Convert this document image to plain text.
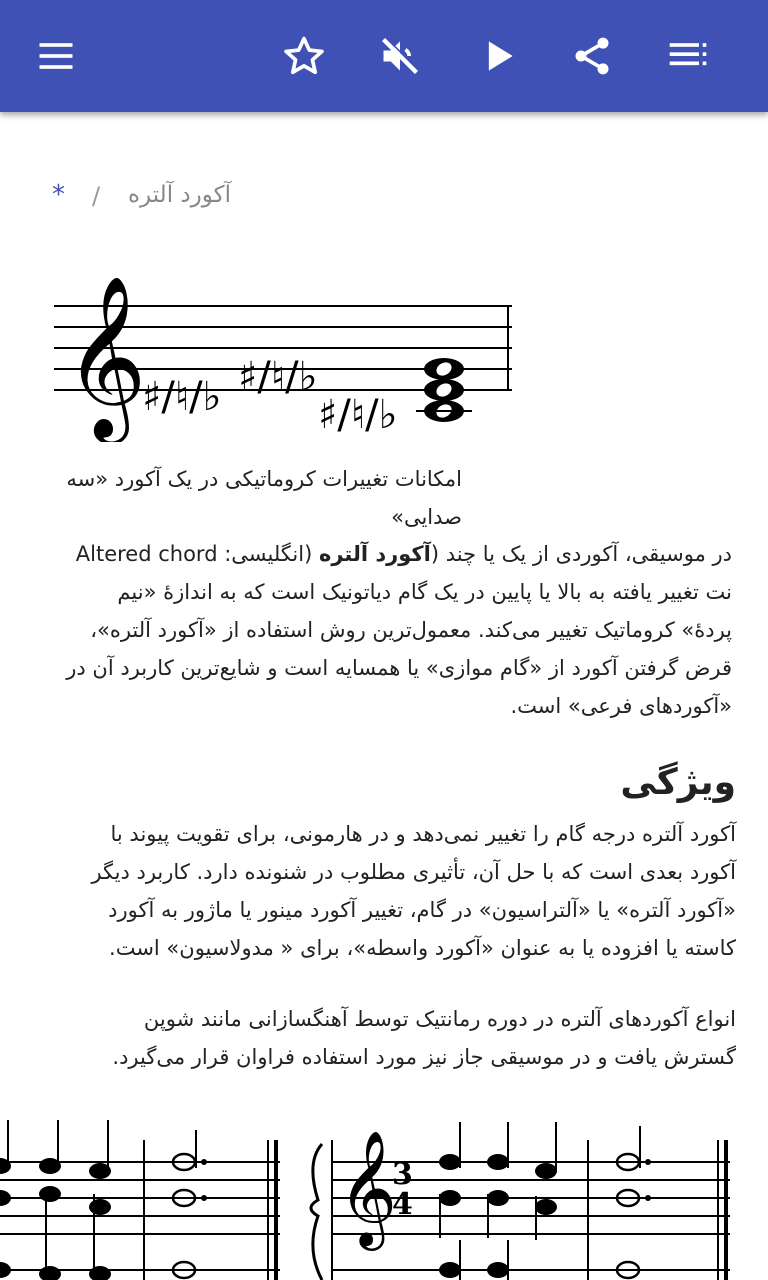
* / آکورد آلتره
𝄞
♯/♮/♭ ♯/♮/♭
♯/♮/♭
امکانات تغییرات کروماتیکی در یک آکورد «سه
صدایی»
در موسیقی، آکوردی از یک یا چند (آکورد آلتره (انگلیسی: Altered chord
نت تغییر یافته به بالا یا پایین در یک گام دیاتونیک است که به اندازهٔ «نیم
پردهٔ» کروماتیک تغییر می‌کند. معمول‌ترین روش استفاده از «آکورد آلتره»،
قرض گرفتن آکورد از «گام موازی» یا همسایه است و شایع‌ترین کاربرد آن در
«آکوردهای فرعی» است.
ویژگی
آکورد آلتره درجه گام را تغییر نمی‌دهد و در هارمونی، برای تقویت پیوند با
آکورد بعدی است که با حل آن، تأثیری مطلوب در شنونده دارد. کاربرد دیگر
«آکورد آلتره» یا «آلتراسیون» در گام، تغییر آکورد مینور یا ماژور به آکورد
کاسته یا افزوده یا به عنوان «آکورد واسطه»، برای « مدولاسیون» است.
انواع آکوردهای آلتره در دوره رمانتیک توسط آهنگسازانی مانند شوپن
گسترش یافت و در موسیقی جاز نیز مورد استفاده فراوان قرار می‌گیرد.
𝄞
3
4
